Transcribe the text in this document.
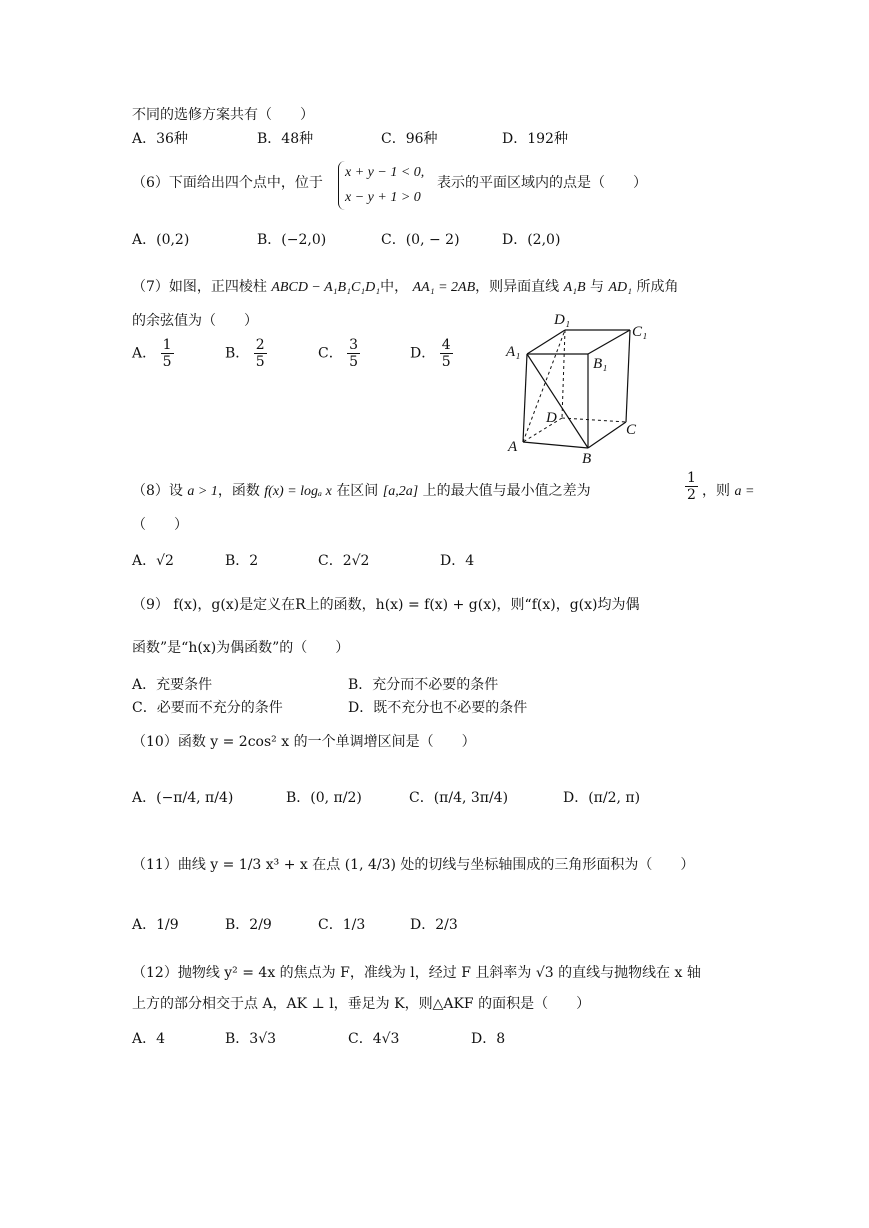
不同的选修方案共有（　　）
A．36种	B．48种	C．96种	D．192种
（6）下面给出四个点中，位于
x + y − 1 < 0,
x − y + 1 > 0
表示的平面区域内的点是（　　）
A．(0,2)	B．(−2,0)	C．(0, − 2)	D．(2,0)
（7）如图，正四棱柱 ABCD − A₁B₁C₁D₁中， AA₁ = 2AB，则异面直线 A₁B 与 AD₁ 所成角
的余弦值为（　　）
A． $\frac{1}{5}$	B． $\frac{2}{5}$	C． $\frac{3}{5}$	D． $\frac{4}{5}$
D₁
C₁
A₁
B₁
D
C
A
B
（8）设 a > 1，函数 f(x) = logₐ x 在区间 [a,2a] 上的最大值与最小值之差为	$\frac{1}{2}$ ，则 a =
（　　）
A．√2	B．2	C．2√2	D．4
（9） f(x)，g(x)是定义在R上的函数，h(x) = f(x) + g(x)，则“f(x)，g(x)均为偶
函数”是“h(x)为偶函数”的（　　）
A．充要条件	B．充分而不必要的条件
C．必要而不充分的条件	D．既不充分也不必要的条件
（10）函数 y = 2cos² x 的一个单调增区间是（　　）
A．(−π/4, π/4)	B．(0, π/2)	C．(π/4, 3π/4)	D．(π/2, π)
（11）曲线 y = 1/3 x³ + x 在点 (1, 4/3) 处的切线与坐标轴围成的三角形面积为（　　）
A．1/9	B．2/9	C．1/3	D．2/3
（12）抛物线 y² = 4x 的焦点为 F，准线为 l，经过 F 且斜率为 √3 的直线与抛物线在 x 轴
上方的部分相交于点 A，AK ⊥ l，垂足为 K，则△AKF 的面积是（　　）
A．4	B．3√3	C．4√3	D．8
